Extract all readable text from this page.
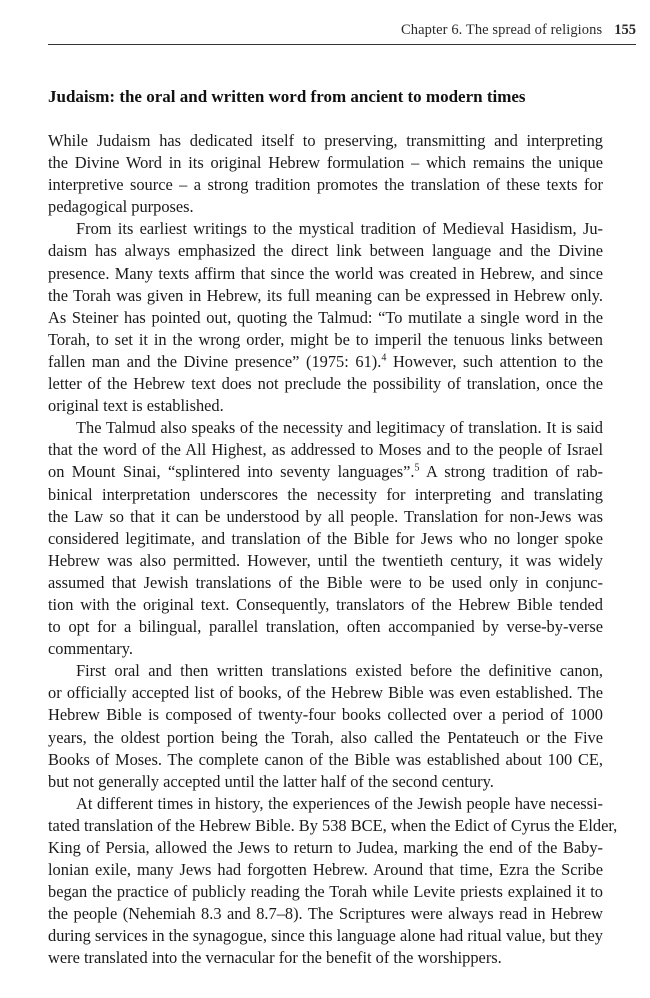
Chapter 6. The spread of religions 155
Judaism: the oral and written word from ancient to modern times
While Judaism has dedicated itself to preserving, transmitting and interpreting
the Divine Word in its original Hebrew formulation – which remains the unique
interpretive source – a strong tradition promotes the translation of these texts for
pedagogical purposes.
From its earliest writings to the mystical tradition of Medieval Hasidism, Ju-
daism has always emphasized the direct link between language and the Divine
presence. Many texts affirm that since the world was created in Hebrew, and since
the Torah was given in Hebrew, its full meaning can be expressed in Hebrew only.
As Steiner has pointed out, quoting the Talmud: “To mutilate a single word in the
Torah, to set it in the wrong order, might be to imperil the tenuous links between
fallen man and the Divine presence” (1975: 61).$^4$ However, such attention to the
letter of the Hebrew text does not preclude the possibility of translation, once the
original text is established.
The Talmud also speaks of the necessity and legitimacy of translation. It is said
that the word of the All Highest, as addressed to Moses and to the people of Israel
on Mount Sinai, “splintered into seventy languages”.$^5$ A strong tradition of rab-
binical interpretation underscores the necessity for interpreting and translating
the Law so that it can be understood by all people. Translation for non-Jews was
considered legitimate, and translation of the Bible for Jews who no longer spoke
Hebrew was also permitted. However, until the twentieth century, it was widely
assumed that Jewish translations of the Bible were to be used only in conjunc-
tion with the original text. Consequently, translators of the Hebrew Bible tended
to opt for a bilingual, parallel translation, often accompanied by verse-by-verse
commentary.
First oral and then written translations existed before the definitive canon,
or officially accepted list of books, of the Hebrew Bible was even established. The
Hebrew Bible is composed of twenty-four books collected over a period of 1000
years, the oldest portion being the Torah, also called the Pentateuch or the Five
Books of Moses. The complete canon of the Bible was established about 100 CE,
but not generally accepted until the latter half of the second century.
At different times in history, the experiences of the Jewish people have necessi-
tated translation of the Hebrew Bible. By 538 BCE, when the Edict of Cyrus the Elder,
King of Persia, allowed the Jews to return to Judea, marking the end of the Baby-
lonian exile, many Jews had forgotten Hebrew. Around that time, Ezra the Scribe
began the practice of publicly reading the Torah while Levite priests explained it to
the people (Nehemiah 8.3 and 8.7–8). The Scriptures were always read in Hebrew
during services in the synagogue, since this language alone had ritual value, but they
were translated into the vernacular for the benefit of the worshippers.
